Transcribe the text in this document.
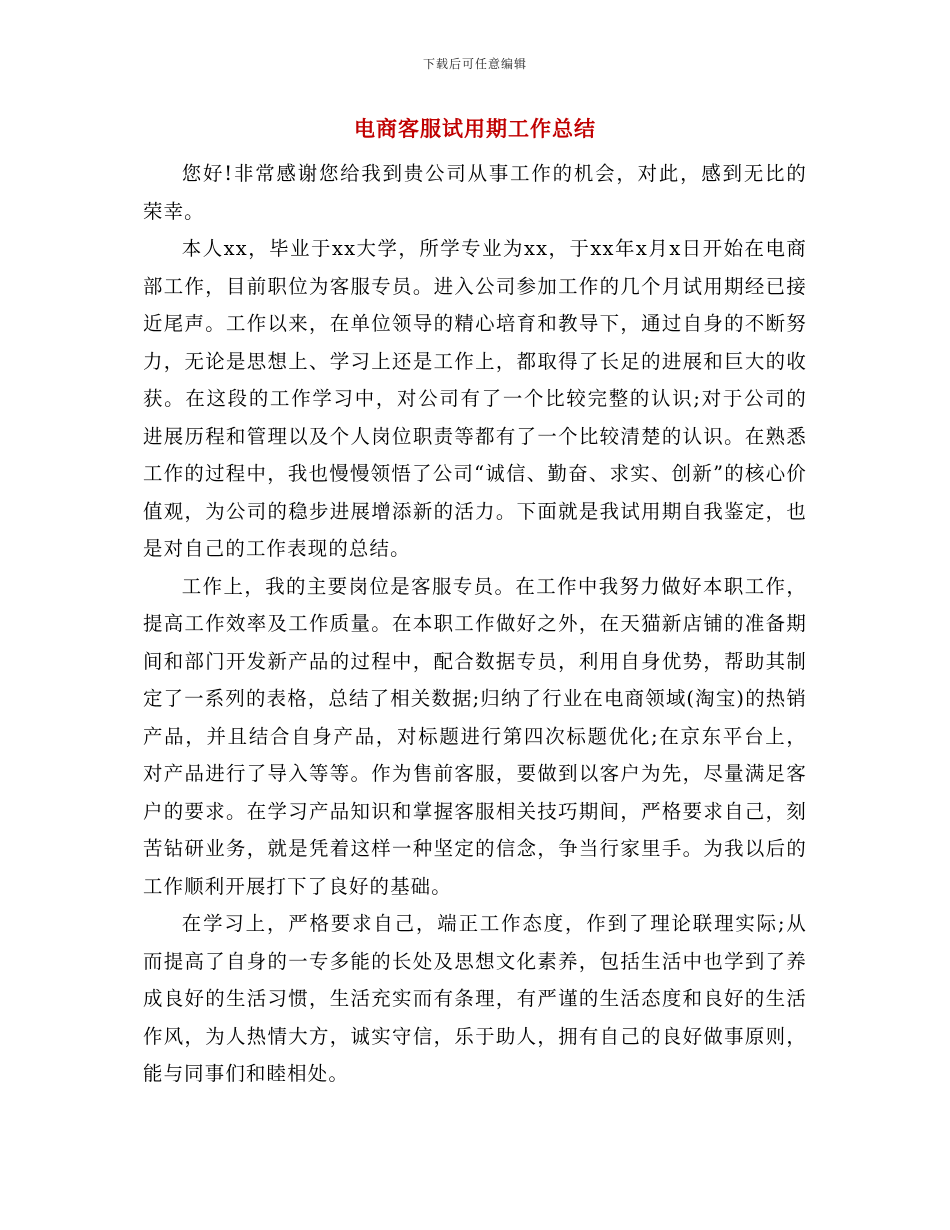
下载后可任意编辑
电商客服试用期工作总结

您好!非常感谢您给我到贵公司从事工作的机会，对此，感到无比的荣幸。

本人xx，毕业于xx大学，所学专业为xx，于xx年x月x日开始在电商部工作，目前职位为客服专员。进入公司参加工作的几个月试用期经已接近尾声。工作以来，在单位领导的精心培育和教导下，通过自身的不断努力，无论是思想上、学习上还是工作上，都取得了长足的进展和巨大的收获。在这段的工作学习中，对公司有了一个比较完整的认识;对于公司的进展历程和管理以及个人岗位职责等都有了一个比较清楚的认识。在熟悉工作的过程中，我也慢慢领悟了公司“诚信、勤奋、求实、创新”的核心价值观，为公司的稳步进展增添新的活力。下面就是我试用期自我鉴定，也是对自己的工作表现的总结。

工作上，我的主要岗位是客服专员。在工作中我努力做好本职工作，提高工作效率及工作质量。在本职工作做好之外，在天猫新店铺的准备期间和部门开发新产品的过程中，配合数据专员，利用自身优势，帮助其制定了一系列的表格，总结了相关数据;归纳了行业在电商领域(淘宝)的热销产品，并且结合自身产品，对标题进行第四次标题优化;在京东平台上，对产品进行了导入等等。作为售前客服，要做到以客户为先，尽量满足客户的要求。在学习产品知识和掌握客服相关技巧期间，严格要求自己，刻苦钻研业务，就是凭着这样一种坚定的信念，争当行家里手。为我以后的工作顺利开展打下了良好的基础。

在学习上，严格要求自己，端正工作态度，作到了理论联理实际;从而提高了自身的一专多能的长处及思想文化素养，包括生活中也学到了养成良好的生活习惯，生活充实而有条理，有严谨的生活态度和良好的生活作风，为人热情大方，诚实守信，乐于助人，拥有自己的良好做事原则，能与同事们和睦相处。
